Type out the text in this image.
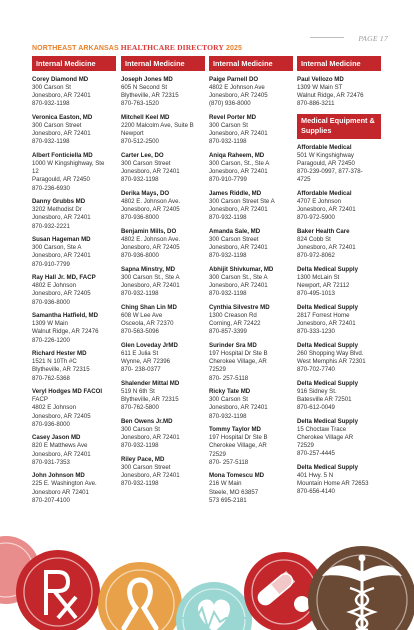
PAGE 17
NORTHEAST ARKANSAS HEALTHCARE DIRECTORY 2025
Internal Medicine
Corey Diamond MD
300 Carson St
Jonesboro, AR 72401
870-932-1198
Veronica Easton, MD
300 Carson Street
Jonesboro, AR 72401
870-932-1198
Albert Fonticiella MD
1000 W Kingshighway, Ste
12
Paragould, AR 72450
870-236-6930
Danny Grubbs MD
3202 Methodist Dr
Jonesboro, AR 72401
870-932-2221
Susan Hageman MD
300 Carson, Ste A
Jonesboro, AR 72401
870-910-7799
Ray Hall Jr. MD, FACP
4802 E Johnson
Jonesboro, AR 72405
870-936-8000
Samantha Hatfield, MD
1309 W Main
Walnut Ridge, AR 72476
870-226-1200
Richard Hester MD
1521 N 10Th #C
Blytheville, AR 72315
870-762-5368
Veryl Hodges MD FACOI
FACP
4802 E Johnson
Jonesboro, AR 72405
870-936-8000
Casey Jason MD
820 E Matthews Ave
Jonesboro, AR 72401
870-931-7353
John Johnson MD
225 E. Washington Ave.
Jonesboro AR 72401
870-207-4100
Internal Medicine
Joseph Jones MD
605 N Second St
Blytheville, AR 72315
870-763-1520
Mitchell Keel MD
2200 Malcolm Ave, Suite B
Newport
870-512-2500
Carter Lee, DO
300 Carson Street
Jonesboro, AR 72401
870-932-1198
Derika Mays, DO
4802 E. Johnson Ave.
Jonesboro, AR 72405
870-936-8000
Benjamin Mills, DO
4802 E. Johnson Ave.
Jonesboro, AR 72405
870-936-8000
Sapna Minstry, MD
300 Carson St., Ste A
Jonesboro, AR 72401
870-932-1198
Ching Shan Lin MD
608 W Lee Ave
Osceola, AR 72370
870-563-5096
Glen Loveday JrMD
611 E Julia St
Wynne, AR 72396
870- 238-0377
Shalender Mittal MD
519 N 6th St
Blytheville, AR 72315
870-762-5800
Ben Owens Jr.MD
300 Carson St
Jonesboro, AR 72401
870-932-1198
Riley Pace, MD
300 Carson Street
Jonesboro, AR 72401
870-932-1198
Internal Medicine
Paige Parnell DO
4802 E Johnson Ave
Jonesboro, AR 72405
(870) 936-8000
Revel Porter MD
300 Carson St
Jonesboro, AR 72401
870-932-1198
Aniqa Raheem, MD
300 Carson, St., Ste A
Jonesboro, AR 72401
870-910-7799
James Riddle, MD
300 Carson Street Ste A
Jonesboro, AR 72401
870-932-1198
Amanda Sale, MD
300 Carson Street
Jonesboro, AR 72401
870-932-1198
Abhijit Shivkumar, MD
300 Carson St., Ste A
Jonesboro, AR 72401
870-932-1198
Cynthia Silvestre MD
1300 Creason Rd
Corning, AR 72422
870-857-3399
Surinder Sra MD
197 Hospital Dr Ste B
Cherokee Village, AR
72529
870- 257-5118
Ricky Tate MD
300 Carson St
Jonesboro, AR 72401
870-932-1198
Tommy Taylor MD
197 Hospital Dr Ste B
Cherokee Village, AR
72529
870- 257-5118
Mona Tomescu MD
216 W Main
Steele, MO 63857
573 695-2181
Internal Medicine
Paul Vellozo MD
1309 W Main ST
Walnut Ridge, AR 72476
870-886-3211
Medical Equipment & Supplies
Affordable Medical
501 W Kingshighway
Paragould, AR 72450
870-239-0997, 877-378-
4725
Affordable Medical
4707 E Johnson
Jonesboro, AR 72401
870-972-5900
Baker Health Care
824 Cobb St
Jonesboro, AR 72401
870-972-8062
Delta Medical Supply
1300 McLain St
Newport, AR 72112
870-495-1013
Delta Medical Supply
2817 Forrest Home
Jonesboro, AR 72401
870-333-1230
Delta Medical Supply
260 Shopping Way Blvd.
West Memphis AR 72301
870-702-7740
Delta Medical Supply
916 Sidney St.
Batesville AR 72501
870-612-0049
Delta Medical Supply
15 Choctaw Trace
Cherokee Village AR
72529
870-257-4445
Delta Medical Supply
401 Hwy. 5 N
Mountain Home AR 72653
870-656-4140
